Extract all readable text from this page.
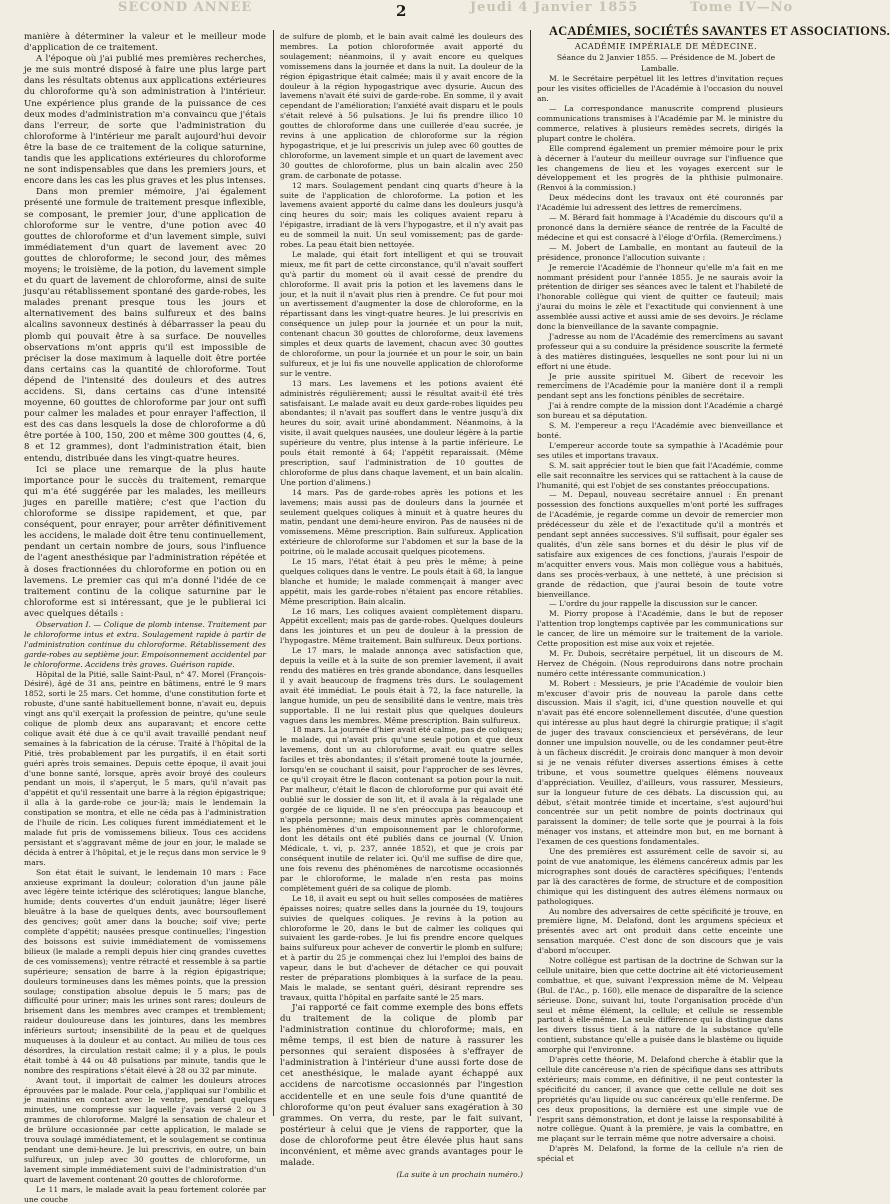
SECOND ANNÉE	Jeudi 4 Janvier 1855	Tome IV—No
2

manière à déterminer la valeur et le meilleur mode d'application de ce traitement.

A l'époque où j'ai publié mes premières recherches, je me suis montré disposé à faire une plus large part dans les résultats obtenus aux applications extérieures du chloroforme qu'à son administration à l'intérieur. Une expérience plus grande de la puissance de ces deux modes d'administration m'a convaincu que j'étais dans l'erreur, de sorte que l'administration du chloroforme à l'intérieur me paraît aujourd'hui devoir être la base de ce traitement de la colique saturnine, tandis que les applications extérieures du chloroforme ne sont indispensables que dans les premiers jours, et encore dans les cas les plus graves et les plus intenses.

Dans mon premier mémoire, j'ai également présenté une formule de traitement presque inflexible, se composant, le premier jour, d'une application de chloroforme sur le ventre, d'une potion avec 40 gouttes de chloroforme et d'un lavement simple, suivi immédiatement d'un quart de lavement avec 20 gouttes de chloroforme; le second jour, des mêmes moyens; le troisième, de la potion, du lavement simple et du quart de lavement de chloroforme, ainsi de suite jusqu'au rétablissement spontané des garde-robes, les malades prenant presque tous les jours et alternativement des bains sulfureux et des bains alcalins savonneux destinés à débarrasser la peau du plomb qui pouvait être à sa surface. De nouvelles observations m'ont appris qu'il est impossible de préciser la dose maximum à laquelle doit être portée dans certains cas la quantité de chloroforme. Tout dépend de l'intensité des douleurs et des autres accidens. Si, dans certains cas d'une intensité moyenne, 60 gouttes de chloroforme par jour ont suffi pour calmer les malades et pour enrayer l'affection, il est des cas dans lesquels la dose de chloroforme a dû être portée à 100, 150, 200 et même 300 gouttes (4, 6, 8 et 12 grammes), dont l'administration était, bien entendu, distribuée dans les vingt-quatre heures.

Ici se place une remarque de la plus haute importance pour le succès du traitement, remarque qui m'a été suggérée par les malades, les meilleurs juges en pareille matière; c'est que l'action du chloroforme se dissipe rapidement, et que, par conséquent, pour enrayer, pour arrêter définitivement les accidens, le malade doit être tenu continuellement, pendant un certain nombre de jours, sous l'influence de l'agent anesthésique par l'administration répétée et à doses fractionnées du chloroforme en potion ou en lavemens. Le premier cas qui m'a donné l'idée de ce traitement continu de la colique saturnine par le chloroforme est si intéressant, que je le publierai ici avec quelques détails :

Observation I. — Colique de plomb intense. Traitement par le chloroforme intus et extra. Soulagement rapide à partir de l'administration continue du chloroforme. Rétablissement des garde-robes au septième jour. Empoisonnement accidentel par le chloroforme. Accidens très graves. Guérison rapide.

Hôpital de la Pitié, salle Saint-Paul, n° 47. Morel (François-Désiré), âgé de 31 ans, peintre en bâtimens, entré le 9 mars 1852, sorti le 25 mars. Cet homme, d'une constitution forte et robuste, d'une santé habituellement bonne, n'avait eu, depuis vingt ans qu'il exerçait la profession de peintre, qu'une seule colique de plomb deux ans auparavant; et encore cette colique avait été due à ce qu'il avait travaillé pendant neuf semaines à la fabrication de la céruse. Traité à l'hôpital de la Pitié, très probablement par les purgatifs, il en était sorti guéri après trois semaines. Depuis cette époque, il avait joui d'une bonne santé, lorsque, après avoir broyé des couleurs pendant un mois, il s'aperçut, le 5 mars, qu'il n'avait pas d'appétit et qu'il ressentait une barre à la région épigastrique; il alla à la garde-robe ce jour-là; mais le lendemain la constipation se montra, et elle ne céda pas à l'administration de l'huile de ricin. Les coliques furent immédiatement et le malade fut pris de vomissemens bilieux. Tous ces accidens persistant et s'aggravant même de jour en jour, le malade se décida à entrer à l'hôpital, et je le reçus dans mon service le 9 mars.

Son état était le suivant, le lendemain 10 mars : Face anxieuse exprimant la douleur; coloration d'un jaune pâle avec légère teinte ictérique des sclérotiques; langue blanche, humide; dents couvertes d'un enduit jaunâtre; léger liseré bleuâtre à la base de quelques dents, avec boursouflement des gencives; goût amer dans la bouche; soif vive; perte complète d'appétit; nausées presque continuelles; l'ingestion des boissons est suivie immédiatement de vomissemens bilieux (le malade a rempli depuis hier cinq grandes cuvettes de ces vomissemens); ventre rétracté et ressemble à sa partie supérieure; sensation de barre à la région épigastrique; douleurs tormineuses dans les mêmes points, que la pression soulage; constipation absolue depuis le 5 mars; pas de difficulté pour uriner; mais les urines sont rares; douleurs de brisement dans les membres avec crampes et tremblement; raideur douloureuse dans les jointures, dans les membres inférieurs surtout; insensibilité de la peau et de quelques muqueuses à la douleur et au contact. Au milieu de tous ces désordres, la circulation restait calme; il y a plus, le pouls était tombé à 44 ou 48 pulsations par minute, tandis que le nombre des respirations s'était élevé à 28 ou 32 par minute.

Avant tout, il importait de calmer les douleurs atroces éprouvées par le malade. Pour cela, j'appliquai sur l'ombilic et je maintins en contact avec le ventre, pendant quelques minutes, une compresse sur laquelle j'avais versé 2 ou 3 grammes de chloroforme. Malgré la sensation de chaleur et de brûlure occasionnée par cette application, le malade se trouva soulagé immédiatement, et le soulagement se continua pendant une demi-heure. Je lui prescrivis, en outre, un bain sulfureux, un julep avec 30 gouttes de chloroforme, un lavement simple immédiatement suivi de l'administration d'un quart de lavement contenant 20 gouttes de chloroforme.

Le 11 mars, le malade avait la peau fortement colorée par une couche

de sulfure de plomb, et le bain avait calmé les douleurs des membres. La potion chloroformée avait apporté du soulagement; néanmoins, il y avait encore eu quelques vomissemens dans la journée et dans la nuit. La douleur de la région épigastrique était calmée; mais il y avait encore de la douleur à la région hypogastrique avec dysurie. Aucun des lavemens n'avait été suivi de garde-robe. En somme, il y avait cependant de l'amélioration; l'anxiété avait disparu et le pouls s'était relevé à 56 pulsations. Je lui fis prendre illico 10 gouttes de chloroforme dans une cuillerée d'eau sucrée, je revins à une application de chloroforme sur la région hypogastrique, et je lui prescrivis un julep avec 60 gouttes de chloroforme, un lavement simple et un quart de lavement avec 30 gouttes de chloroforme, plus un bain alcalin avec 250 gram. de carbonate de potasse.

12 mars. Soulagement pendant cinq quarts d'heure à la suite de l'application de chloroforme. La potion et les lavemens avaient apporté du calme dans les douleurs jusqu'à cinq heures du soir; mais les coliques avaient reparu à l'épigastre, irradiant de là vers l'hypogastre, et il n'y avait pas eu de sommeil la nuit. Un seul vomissement; pas de garde-robes. La peau était bien nettoyée.

Le malade, qui était fort intelligent et qui se trouvait mieux, me fit part de cette circonstance, qu'il n'avait souffert qu'à partir du moment où il avait cessé de prendre du chloroforme. Il avait pris la potion et les lavemens dans le jour, et la nuit il n'avait plus rien à prendre. Ce fut pour moi un avertissement d'augmenter la dose de chloroforme, en la répartissant dans les vingt-quatre heures. Je lui prescrivis en conséquence un julep pour la journée et un pour la nuit, contenant chacun 30 gouttes de chloroforme, deux lavemens simples et deux quarts de lavement, chacun avec 30 gouttes de chloroforme, un pour la journée et un pour le soir, un bain sulfureux, et je lui fis une nouvelle application de chloroforme sur le ventre.

13 mars. Les lavemens et les potions avaient été administrés régulièrement; aussi le résultat avait-il été très satisfaisant. Le malade avait eu deux garde-robes liquides peu abondantes; il n'avait pas souffert dans le ventre jusqu'à dix heures du soir, avait uriné abondamment. Néanmoins, à la visite, il avait quelques nausées, une douleur légère à la partie supérieure du ventre, plus intense à la partie inférieure. Le pouls était remonté à 64; l'appétit reparaissait. (Même prescription, sauf l'administration de 10 gouttes de chloroforme de plus dans chaque lavement, et un bain alcalin. Une portion d'alimens.)

14 mars. Pas de garde-robes après les potions et les lavemens; mais aussi pas de douleurs dans la journée et seulement quelques coliques à minuit et à quatre heures du matin, pendant une demi-heure environ. Pas de nausées ni de vomissemens. Même prescription. Bain sulfureux. Application extérieure de chloroforme sur l'abdomen et sur la base de la poitrine, où le malade accusait quelques picotemens.

Le 15 mars, l'état était à peu près le même; à peine quelques coliques dans le ventre. Le pouls était à 68, la langue blanche et humide; le malade commençait à manger avec appétit, mais les garde-robes n'étaient pas encore rétablies. Même prescription. Bain alcalin.

Le 16 mars, Les coliques avaient complètement disparu. Appétit excellent; mais pas de garde-robes. Quelques douleurs dans les jointures et un peu de douleur à la pression de l'hypogastre. Même traitement. Bain sulfureux. Deux portions.

Le 17 mars, le malade annonça avec satisfaction que, depuis la veille et à la suite de son premier lavement, il avait rendu des matières en très grande abondance, dans lesquelles il y avait beaucoup de fragmens très durs. Le soulagement avait été immédiat. Le pouls était à 72, la face naturelle, la langue humide, un peu de sensibilité dans le ventre, mais très supportable. Il ne lui restait plus que quelques douleurs vagues dans les membres. Même prescription. Bain sulfureux.

18 mars. La journée d'hier avait été calme, pas de coliques; le malade, qui n'avait pris qu'une seule potion et que deux lavemens, dont un au chloroforme, avait eu quatre selles faciles et très abondantes; il s'était promené toute la journée, lorsqu'en se couchant il saisit, pour l'approcher de ses lèvres, ce qu'il croyait être le flacon contenant sa potion pour la nuit. Par malheur, c'était le flacon de chloroforme pur qui avait été oublié sur le dossier de son lit, et il avala à la régalade une gorgée de ce liquide. Il ne s'en préoccupa pas beaucoup et n'appela personne; mais deux minutes après commençaient les phénomènes d'un empoisonnement par le chloroforme, dont les détails ont été publiés dans ce journal (V. Union Médicale, t. vi, p. 237, année 1852), et que je crois par conséquent inutile de relater ici. Qu'il me suffise de dire que, une fois revenu des phénomènes de narcotisme occasionnés par le chloroforme, le malade n'en resta pas moins complètement guéri de sa colique de plomb.

Le 18, il avait eu sept ou huit selles composées de matières épaisses noires; quatre selles dans la journée du 19, toujours suivies de quelques coliques. Je revins à la potion au chloroforme le 20, dans le but de calmer les coliques qui suivaient les garde-robes. Je lui fis prendre encore quelques bains sulfureux pour achever de convertir le plomb en sulfure; et à partir du 25 je commençai chez lui l'emploi des bains de vapeur, dans le but d'achever de détacher ce qui pouvait rester de préparations plombiques à la surface de la peau. Mais le malade, se sentant guéri, désirant reprendre ses travaux, quitta l'hôpital en parfaite santé le 25 mars.

J'ai rapporté ce fait comme exemple des bons effets du traitement de la colique de plomb par l'administration continue du chloroforme; mais, en même temps, il est bien de nature à rassurer les personnes qui seraient disposées à s'effrayer de l'administration à l'intérieur d'une aussi forte dose de cet anesthésique, le malade ayant échappé aux accidens de narcotisme occasionnés par l'ingestion accidentelle et en une seule fois d'une quantité de chloroforme qu'on peut évaluer sans exagération à 30 grammes. On verra, du reste, par le fait suivant, postérieur à celui que je viens de rapporter, que la dose de chloroforme peut être élevée plus haut sans inconvénient, et même avec grands avantages pour le malade.

(La suite à un prochain numéro.)

ACADÉMIES, SOCIÉTÉS SAVANTES ET ASSOCIATIONS.

ACADÉMIE IMPÉRIALE DE MÉDECINE.

Séance du 2 Janvier 1855. — Présidence de M. Jobert de Lamballe.

M. le Secrétaire perpétuel lit les lettres d'invitation reçues pour les visites officielles de l'Académie à l'occasion du nouvel an.

— La correspondance manuscrite comprend plusieurs communications transmises à l'Académie par M. le ministre du commerce, relatives à plusieurs remèdes secrets, dirigés la plupart contre le choléra.

Elle comprend également un premier mémoire pour le prix à décerner à l'auteur du meilleur ouvrage sur l'influence que les changemens de lieu et les voyages exercent sur le développement et les progrès de la phthisie pulmonaire. (Renvoi à la commission.)

Deux médecins dont les travaux ont été couronnés par l'Académie lui adressent des lettres de remercîmens.

— M. Bérard fait hommage à l'Académie du discours qu'il a prononcé dans la dernière séance de rentrée de la Faculté de médecine et qui est consacré à l'éloge d'Orfila. (Remercîmens.)

— M. Jobert de Lamballe, en montant au fauteuil de la présidence, prononce l'allocution suivante :

Je remercie l'Académie de l'honneur qu'elle m'a fait en me nommant président pour l'année 1855. Je ne saurais avoir la prétention de diriger ses séances avec le talent et l'habileté de l'honorable collègue qui vient de quitter ce fauteuil; mais j'aurai du moins le zèle et l'exactitude qui conviennent à une assemblée aussi active et aussi amie de ses devoirs. Je réclame donc la bienveillance de la savante compagnie.

J'adresse au nom de l'Académie des remercîmens au savant professeur qui a su conduire la présidence souscrite la fermeté à des matières distinguées, lesquelles ne sont pour lui ni un effort ni une étude.

Je prie aussite spirituel M. Gibert de recevoir les remercîmens de l'Académie pour la manière dont il a rempli pendant sept ans les fonctions pénibles de secrétaire.

J'ai à rendre compte de la mission dont l'Académie a chargé son bureau et sa députation.

S. M. l'empereur a reçu l'Académie avec bienveillance et bonté.

L'empereur accorde toute sa sympathie à l'Académie pour ses utiles et importans travaux.

S. M. sait apprécier tout le bien que fait l'Académie, comme elle sait reconnaître les services qui se rattachent à la cause de l'humanité, qui est l'objet de ses constantes préoccupations.

— M. Depaul, nouveau secrétaire annuel : En prenant possession des fonctions auxquelles m'ont porté les suffrages de l'Académie, je regarde comme un devoir de remercier mon prédécesseur du zèle et de l'exactitude qu'il a montrés et pendant sept années successives. S'il suffisait, pour égaler ses qualités, d'un zèle sans bornes et du désir le plus vif de satisfaire aux exigences de ces fonctions, j'aurais l'espoir de m'acquitter envers vous. Mais mon collègue vous a habitués, dans ses procès-verbaux, à une netteté, à une précision si grande de rédaction, que j'aurai besoin de toute votre bienveillance.

— L'ordre du jour rappelle la discussion sur le cancer.

M. Piorry propose à l'Académie, dans le but de reposer l'attention trop longtemps captivée par les communications sur le cancer, de lire un mémoire sur le traitement de la variole. Cette proposition est mise aux voix et rejetée.

M. Fr. Dubois, secrétaire perpétuel, lit un discours de M. Hervez de Chégoin. (Nous reproduirons dans notre prochain numéro cette intéressante communication.)

M. Robert : Messieurs, je prie l'Académie de vouloir bien m'excuser d'avoir pris de nouveau la parole dans cette discussion. Mais il s'agit, ici, d'une question nouvelle et qui n'avait pas été encore solennellement discutée, d'une question qui intéresse au plus haut degré la chirurgie pratique; il s'agit de juger des travaux consciencieux et persévérans, de leur donner une impulsion nouvelle, ou de les condamner peut-être à un fâcheux discrédit. Je croirais donc manquer à mon devoir si je ne venais réfuter diverses assertions émises à cette tribune, et vous soumettre quelques élémens nouveaux d'appréciation. Veuillez, d'ailleurs, vous rassurer, Messieurs, sur la longueur future de ces débats. La discussion qui, au début, s'était montrée timide et incertaine, s'est aujourd'hui concentrée sur un petit nombre de points doctrinaux qui paraissent la dominer; de telle sorte que je pourrai à la fois ménager vos instans, et atteindre mon but, en me bornant à l'examen de ces questions fondamentales.

Une des premières est assurément celle de savoir si, au point de vue anatomique, les élémens cancéreux admis par les micrographes sont doués de caractères spécifiques; l'entends par là des caractères de forme, de structure et de composition chimique qui les distinguent des autres élémens normaux ou pathologiques.

Au nombre des adversaires de cette spécificité je trouve, en première ligne, M. Delafond, dont les argumens spécieux et présentés avec art ont produit dans cette enceinte une sensation marquée. C'est donc de son discours que je vais d'abord m'occuper.

Notre collègue est partisan de la doctrine de Schwan sur la cellule unitaire, bien que cette doctrine ait été victorieusement combattue, et que, suivant l'expression même de M. Velpeau (Bul. de l'Ac., p. 160), elle menace de disparaître de la science sérieuse. Donc, suivant lui, toute l'organisation procède d'un seul et même élément, la cellule; et cellule se ressemble partout à elle-même. La seule différence qui la distingue dans les divers tissus tient à la nature de la substance qu'elle contient, substance qu'elle a puisée dans le blastème ou liquide amorphe qui l'environne.

D'après cette théorie, M. Delafond cherche à établir que la cellule dite cancéreuse n'a rien de spécifique dans ses attributs extérieurs; mais comme, en définitive, il ne peut contester la spécificité du cancer, il avance que cette cellule ne doit ses propriétés qu'au liquide ou suc cancéreux qu'elle renferme. De ces deux propositions, la dernière est une simple vue de l'esprit sans démonstration, et dont je laisse la responsabilité à notre collègue. Quant à la première, je vais la combattre, en me plaçant sur le terrain même que notre adversaire a choisi.

D'après M. Delafond, la forme de la cellule n'a rien de spécial et
